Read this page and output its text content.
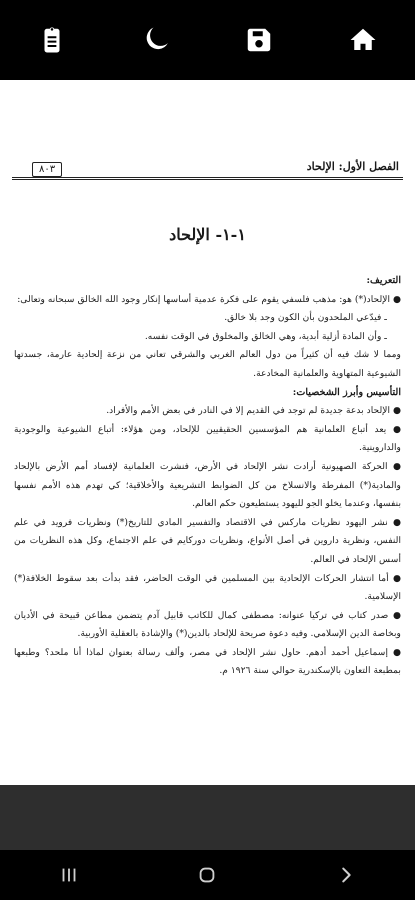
الفصل الأول: الإلحاد
٨٠٣
١-١- الإلحاد

التعريف:

● الإلحاد(*) هو: مذهب فلسفي يقوم على فكرة عدمية أساسها إنكار وجود الله الخالق سبحانه وتعالى:

ـ فيدّعي الملحدون بأن الكون وجد بلا خالق.

ـ وأن المادة أزلية أبدية، وهي الخالق والمخلوق في الوقت نفسه.

ومما لا شك فيه أن كثيراً من دول العالم الغربي والشرقي تعاني من نزعة إلحادية عارمة، جسدتها الشيوعية المتهاوية والعلمانية المخادعة.

التأسيس وأبرز الشخصيات:

● الإلحاد بدعة جديدة لم توجد في القديم إلا في النادر في بعض الأمم والأفراد.

● يعد أتباع العلمانية هم المؤسسين الحقيقيين للإلحاد، ومن هؤلاء: أتباع الشيوعية والوجودية والداروينية.

● الحركة الصهيونية أرادت نشر الإلحاد في الأرض، فنشرت العلمانية لإفساد أمم الأرض بالإلحاد والمادية(*) المفرطة والانسلاخ من كل الضوابط التشريعية والأخلاقية؛ كي تهدم هذه الأمم نفسها بنفسها، وعندما يخلو الجو لليهود يستطيعون حكم العالم.

● نشر اليهود نظريات ماركس في الاقتصاد والتفسير المادي للتاريخ(*) ونظريات فرويد في علم النفس، ونظرية داروين في أصل الأنواع، ونظريات دوركايم في علم الاجتماع، وكل هذه النظريات من أسس الإلحاد في العالم.

● أما انتشار الحركات الإلحادية بين المسلمين في الوقت الحاضر، فقد بدأت بعد سقوط الخلافة(*) الإسلامية.

● صدر كتاب في تركيا عنوانه: مصطفى كمال للكاتب قابيل آدم يتضمن مطاعن قبيحة في الأديان وبخاصة الدين الإسلامي. وفيه دعوة صريحة للإلحاد بالدين(*) والإشادة بالعقلية الأوربية.

● إسماعيل أحمد أدهم. حاول نشر الإلحاد في مصر، وألف رسالة بعنوان لماذا أنا ملحد؟ وطبعها بمطبعة التعاون بالإسكندرية حوالي سنة ١٩٢٦ م.
